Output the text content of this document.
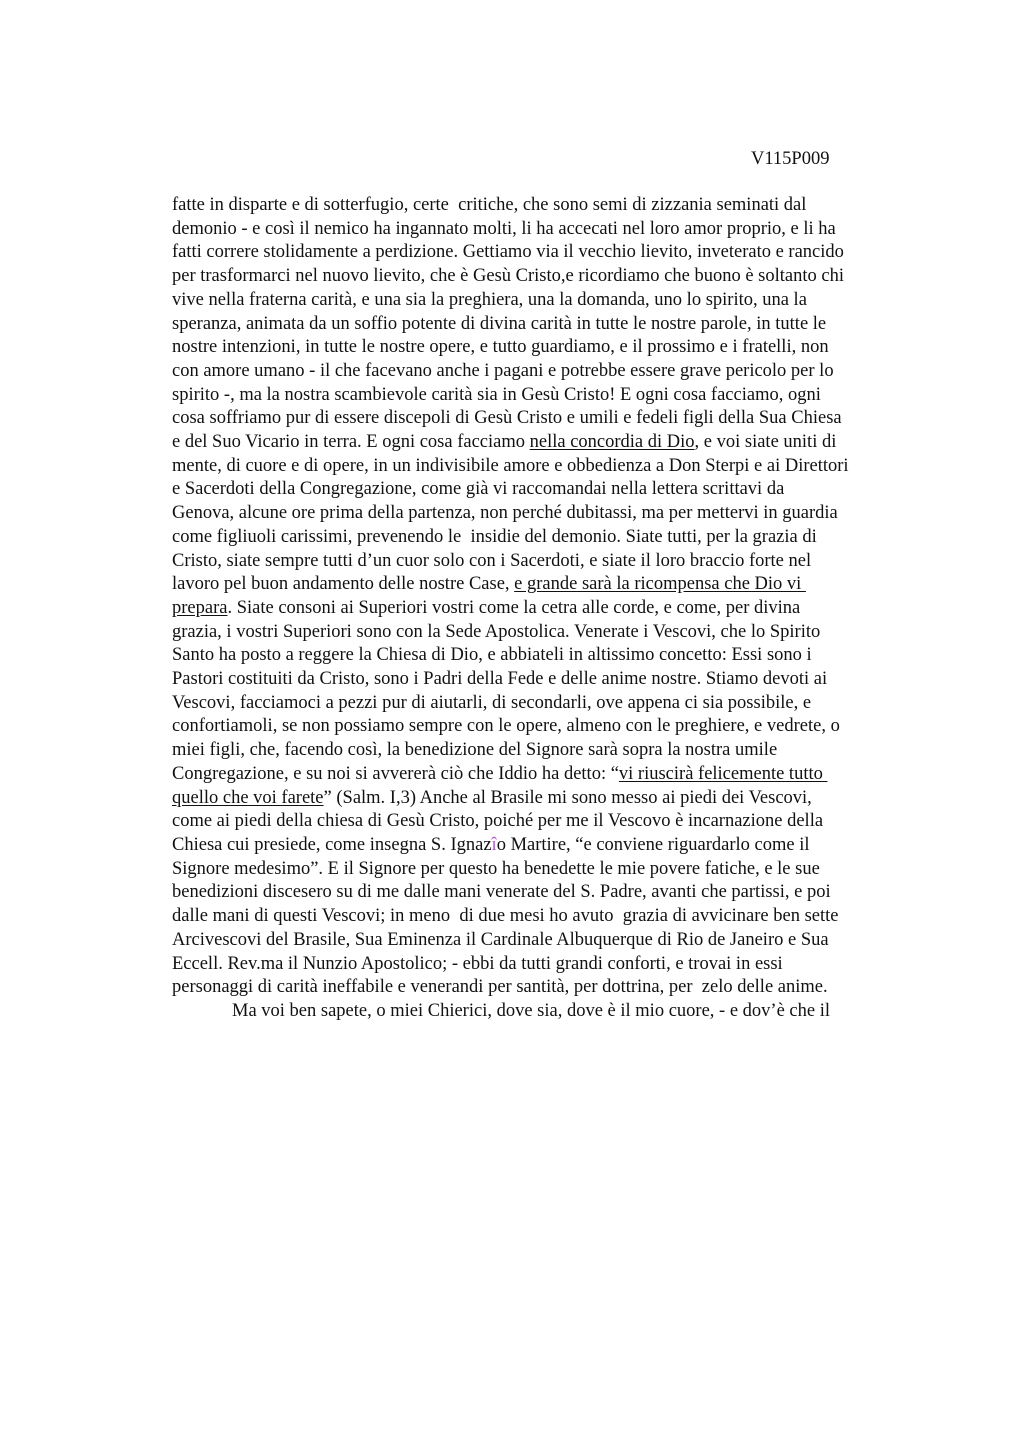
V115P009
fatte in disparte e di sotterfugio, certe  critiche, che sono semi di zizzania seminati dal
demonio - e così il nemico ha ingannato molti, li ha accecati nel loro amor proprio, e li ha
fatti correre stolidamente a perdizione. Gettiamo via il vecchio lievito, inveterato e rancido
per trasformarci nel nuovo lievito, che è Gesù Cristo,e ricordiamo che buono è soltanto chi
vive nella fraterna carità, e una sia la preghiera, una la domanda, uno lo spirito, una la
speranza, animata da un soffio potente di divina carità in tutte le nostre parole, in tutte le
nostre intenzioni, in tutte le nostre opere, e tutto guardiamo, e il prossimo e i fratelli, non
con amore umano - il che facevano anche i pagani e potrebbe essere grave pericolo per lo
spirito -, ma la nostra scambievole carità sia in Gesù Cristo! E ogni cosa facciamo, ogni
cosa soffriamo pur di essere discepoli di Gesù Cristo e umili e fedeli figli della Sua Chiesa
e del Suo Vicario in terra. E ogni cosa facciamo nella concordia di Dio, e voi siate uniti di
mente, di cuore e di opere, in un indivisibile amore e obbedienza a Don Sterpi e ai Direttori
e Sacerdoti della Congregazione, come già vi raccomandai nella lettera scrittavi da
Genova, alcune ore prima della partenza, non perché dubitassi, ma per mettervi in guardia
come figliuoli carissimi, prevenendo le  insidie del demonio. Siate tutti, per la grazia di
Cristo, siate sempre tutti d’un cuor solo con i Sacerdoti, e siate il loro braccio forte nel
lavoro pel buon andamento delle nostre Case, e grande sarà la ricompensa che Dio vi
prepara. Siate consoni ai Superiori vostri come la cetra alle corde, e come, per divina
grazia, i vostri Superiori sono con la Sede Apostolica. Venerate i Vescovi, che lo Spirito
Santo ha posto a reggere la Chiesa di Dio, e abbiateli in altissimo concetto: Essi sono i
Pastori costituiti da Cristo, sono i Padri della Fede e delle anime nostre. Stiamo devoti ai
Vescovi, facciamoci a pezzi pur di aiutarli, di secondarli, ove appena ci sia possibile, e
confortiamoli, se non possiamo sempre con le opere, almeno con le preghiere, e vedrete, o
miei figli, che, facendo così, la benedizione del Signore sarà sopra la nostra umile
Congregazione, e su noi si avvererà ciò che Iddio ha detto: “vi riuscirà felicemente tutto
quello che voi farete” (Salm. I,3) Anche al Brasile mi sono messo ai piedi dei Vescovi,
come ai piedi della chiesa di Gesù Cristo, poiché per me il Vescovo è incarnazione della
Chiesa cui presiede, come insegna S. Ignazîo Martire, “e conviene riguardarlo come il
Signore medesimo”. E il Signore per questo ha benedette le mie povere fatiche, e le sue
benedizioni discesero su di me dalle mani venerate del S. Padre, avanti che partissi, e poi
dalle mani di questi Vescovi; in meno  di due mesi ho avuto  grazia di avvicinare ben sette
Arcivescovi del Brasile, Sua Eminenza il Cardinale Albuquerque di Rio de Janeiro e Sua
Eccell. Rev.ma il Nunzio Apostolico; - ebbi da tutti grandi conforti, e trovai in essi
personaggi di carità ineffabile e venerandi per santità, per dottrina, per  zelo delle anime.
Ma voi ben sapete, o miei Chierici, dove sia, dove è il mio cuore, - e dov’è che il
